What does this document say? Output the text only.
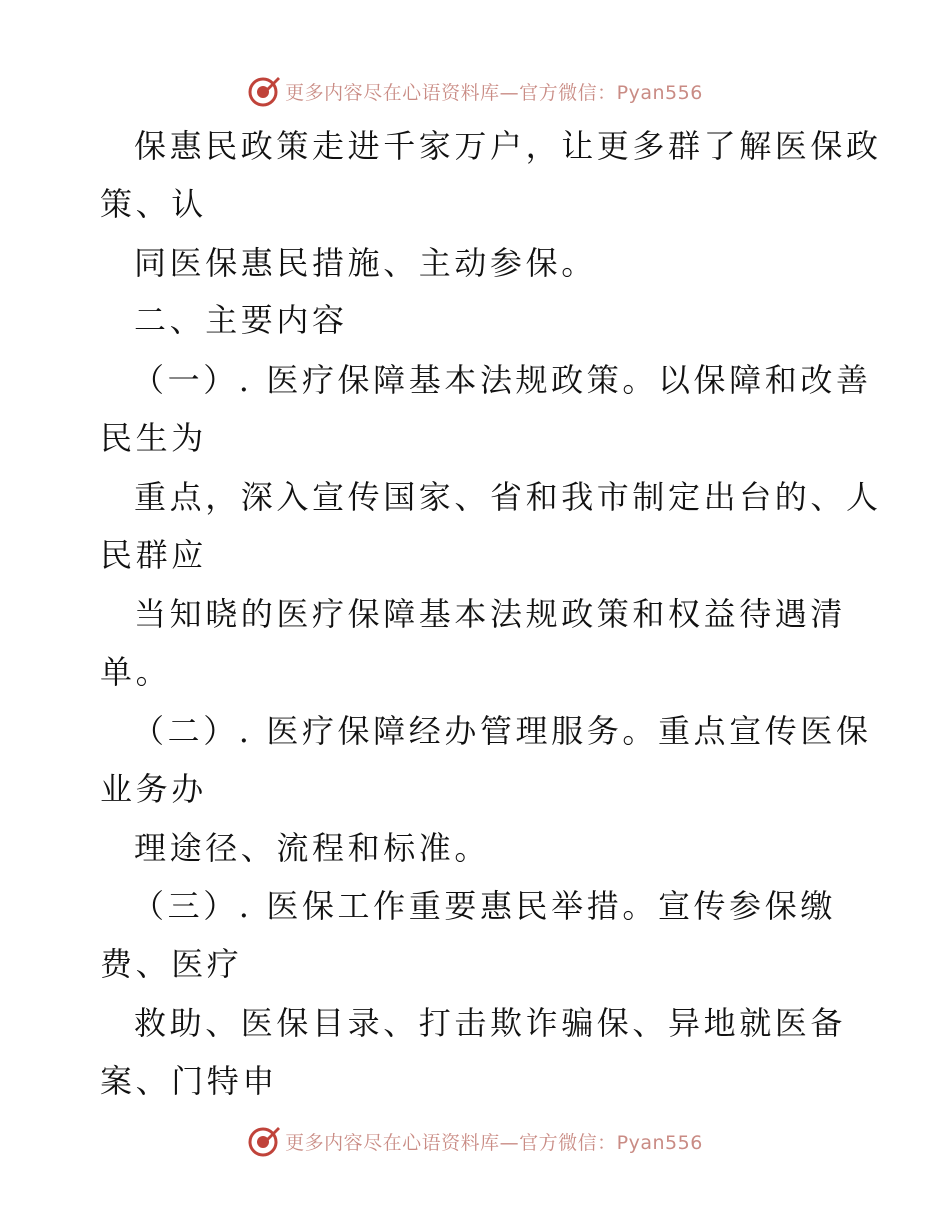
更多内容尽在心语资料库—官方微信：Pyan556
保惠民政策走进千家万户，让更多群了解医保政
策、认
同医保惠民措施、主动参保。
二、主要内容
（一）. 医疗保障基本法规政策。以保障和改善
民生为
重点，深入宣传国家、省和我市制定出台的、人
民群应
当知晓的医疗保障基本法规政策和权益待遇清
单。
（二）. 医疗保障经办管理服务。重点宣传医保
业务办
理途径、流程和标准。
（三）. 医保工作重要惠民举措。宣传参保缴
费、医疗
救助、医保目录、打击欺诈骗保、异地就医备
案、门特申
更多内容尽在心语资料库—官方微信：Pyan556
